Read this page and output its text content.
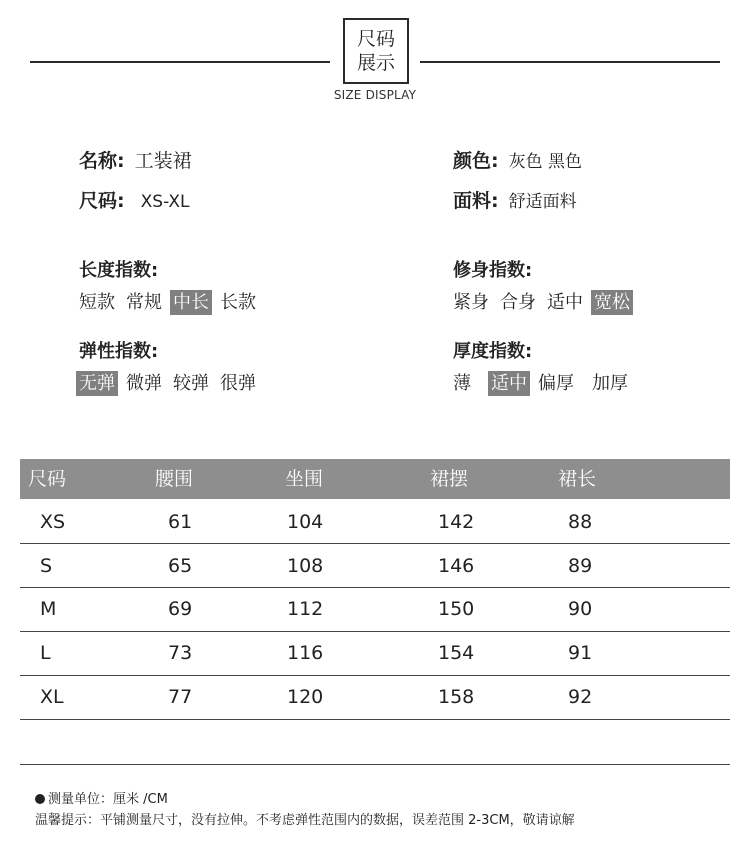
尺码
展示
SIZE DISPLAY
名称: 工装裙
尺码: XS-XL
颜色: 灰色 黑色
面料: 舒适面料
长度指数:
短款 常规 中长 长款
修身指数:
紧身 合身 适中 宽松
弹性指数:
无弹 微弹 较弹 很弹
厚度指数:
薄 适中 偏厚 加厚
尺码	腰围	坐围	裙摆	裙长
XS	61	104	142	88
S	65	108	146	89
M	69	112	150	90
L	73	116	154	91
XL	77	120	158	92
测量单位：厘米 /CM
温馨提示：平铺测量尺寸，没有拉伸。不考虑弹性范围内的数据，误差范围 2-3CM，敬请谅解
